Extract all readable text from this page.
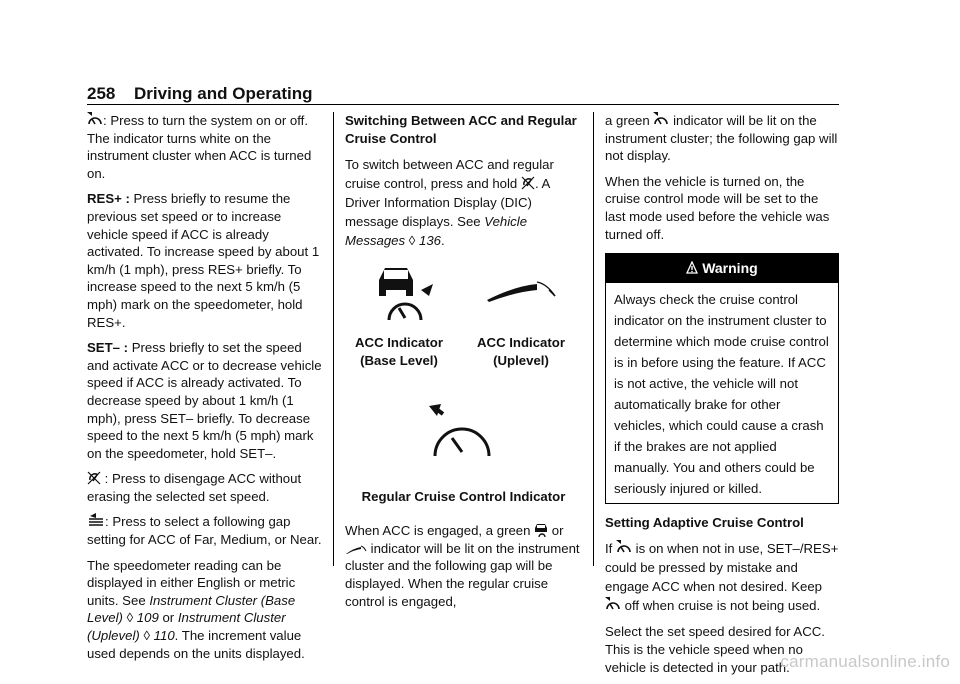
258 Driving and Operating

: Press to turn the system on or off. The indicator turns white on the instrument cluster when ACC is turned on.

RES+ : Press briefly to resume the previous set speed or to increase vehicle speed if ACC is already activated. To increase speed by about 1 km/h (1 mph), press RES+ briefly. To increase speed to the next 5 km/h (5 mph) mark on the speedometer, hold RES+.

SET– : Press briefly to set the speed and activate ACC or to decrease vehicle speed if ACC is already activated. To decrease speed by about 1 km/h (1 mph), press SET– briefly. To decrease speed to the next 5 km/h (5 mph) mark on the speedometer, hold SET–.

: Press to disengage ACC without erasing the selected set speed.

: Press to select a following gap setting for ACC of Far, Medium, or Near.

The speedometer reading can be displayed in either English or metric units. See Instrument Cluster (Base Level) ◊ 109 or Instrument Cluster (Uplevel) ◊ 110. The increment value used depends on the units displayed.

Switching Between ACC and Regular Cruise Control

To switch between ACC and regular cruise control, press and hold . A Driver Information Display (DIC) message displays. See Vehicle Messages ◊ 136.

ACC Indicator (Base Level)
ACC Indicator (Uplevel)
Regular Cruise Control Indicator

When ACC is engaged, a green  or  indicator will be lit on the instrument cluster and the following gap will be displayed. When the regular cruise control is engaged,

a green  indicator will be lit on the instrument cluster; the following gap will not display.

When the vehicle is turned on, the cruise control mode will be set to the last mode used before the vehicle was turned off.

Warning
Always check the cruise control indicator on the instrument cluster to determine which mode cruise control is in before using the feature. If ACC is not active, the vehicle will not automatically brake for other vehicles, which could cause a crash if the brakes are not applied manually. You and others could be seriously injured or killed.

Setting Adaptive Cruise Control

If  is on when not in use, SET–/RES+ could be pressed by mistake and engage ACC when not desired. Keep  off when cruise is not being used.

Select the set speed desired for ACC. This is the vehicle speed when no vehicle is detected in your path.

carmanualsonline.info
